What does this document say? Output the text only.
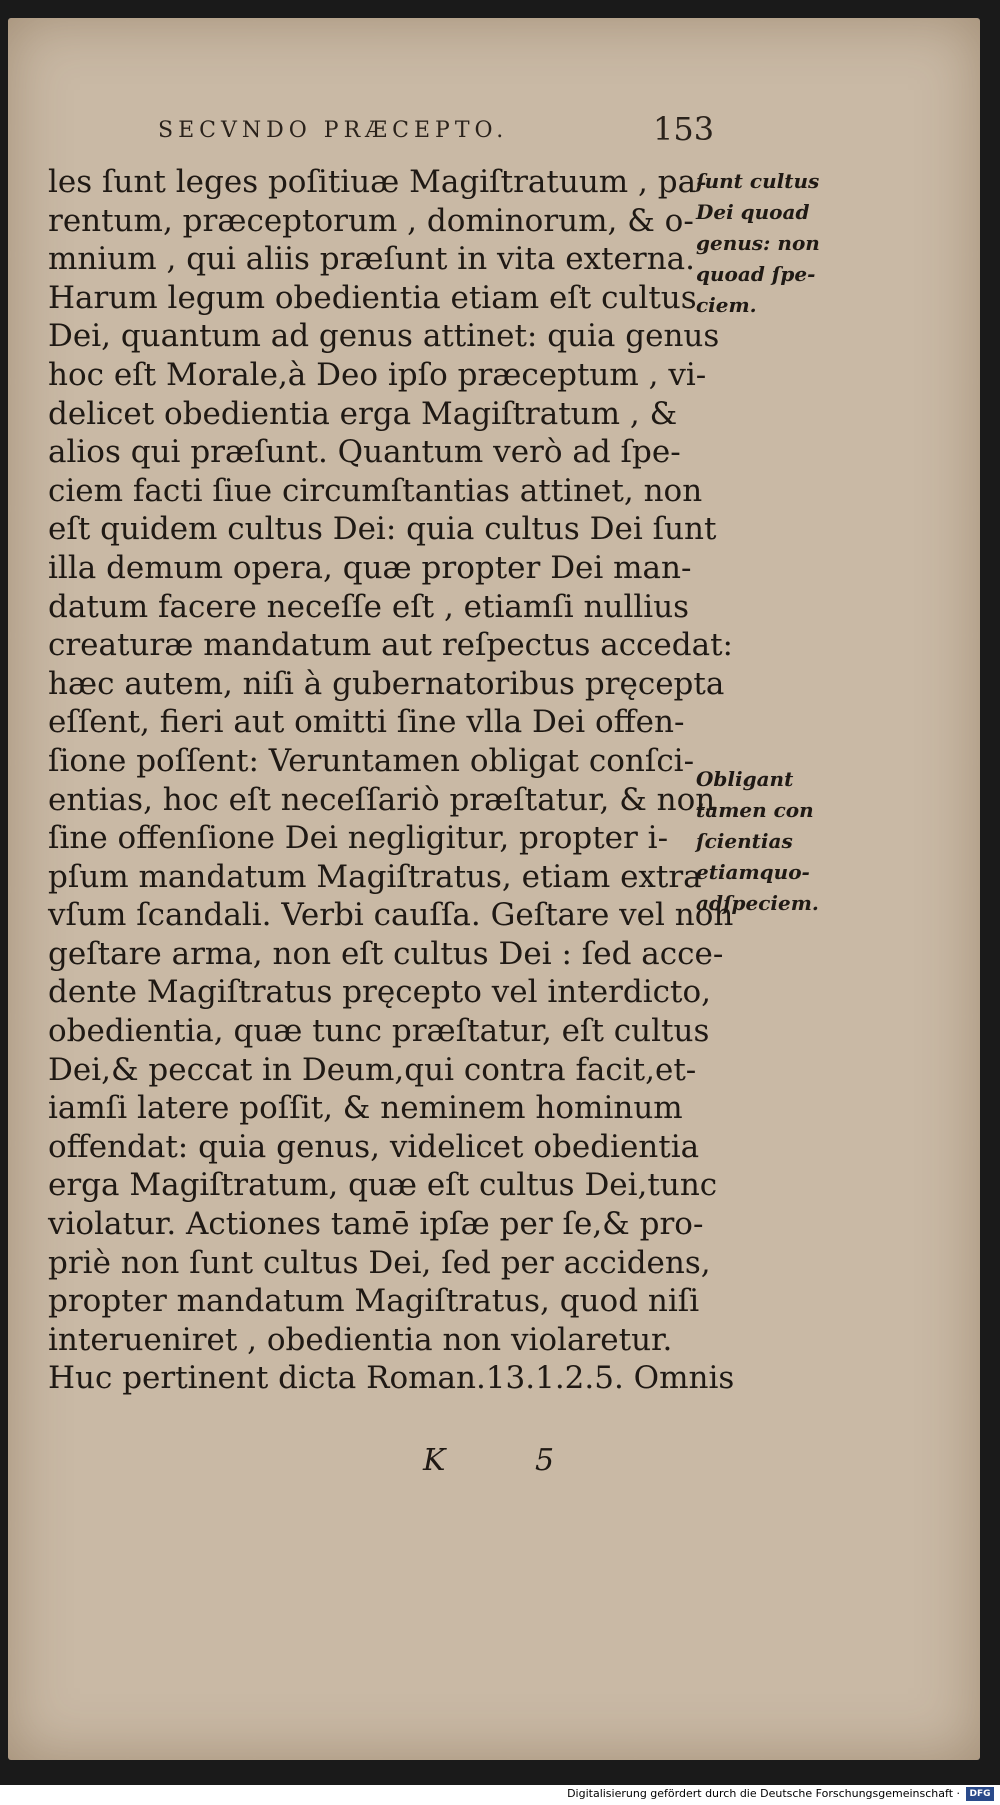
SECVNDO PRÆCEPTO.	153
les ſunt leges poſitiuæ Magiſtratuum , pa-
rentum, præceptorum , dominorum, & o-
mnium , qui aliis præſunt in vita externa.
Harum legum obedientia etiam eſt cultus
Dei, quantum ad genus attinet: quia genus
hoc eſt Morale,à Deo ipſo præceptum , vi-
delicet obedientia erga Magiſtratum , &
alios qui præſunt. Quantum verò ad ſpe-
ciem facti ſiue circumſtantias attinet, non
eſt quidem cultus Dei: quia cultus Dei ſunt
illa demum opera, quæ propter Dei man-
datum facere neceſſe eſt , etiamſi nullius
creaturæ mandatum aut reſpectus accedat:
hæc autem, niſi à gubernatoribus pręcepta
eſſent, fieri aut omitti ſine vlla Dei offen-
ſione poſſent: Veruntamen obligat conſci-
entias, hoc eſt neceſſariò præſtatur, & non
ſine offenſione Dei negligitur, propter i-
pſum mandatum Magiſtratus, etiam extra
vſum ſcandali. Verbi cauſſa. Geſtare vel non
geſtare arma, non eſt cultus Dei : ſed acce-
dente Magiſtratus pręcepto vel interdicto,
obedientia, quæ tunc præſtatur, eſt cultus
Dei,& peccat in Deum,qui contra facit,et-
iamſi latere poſſit, & neminem hominum
offendat: quia genus, videlicet obedientia
erga Magiſtratum, quæ eſt cultus Dei,tunc
violatur. Actiones tamē ipſæ per ſe,& pro-
priè non ſunt cultus Dei, ſed per accidens,
propter mandatum Magiſtratus, quod niſi
interueniret , obedientia non violaretur.
Huc pertinent dicta Roman.13.1.2.5. Omnis
ſunt cultus
Dei quoad
genus: non
quoad ſpe-
ciem.
Obligant
tamen con
ſcientias
etiamquo-
adſpeciem.
K 5
Digitalisierung gefördert durch die Deutsche Forschungsgemeinschaft ·	DFG
